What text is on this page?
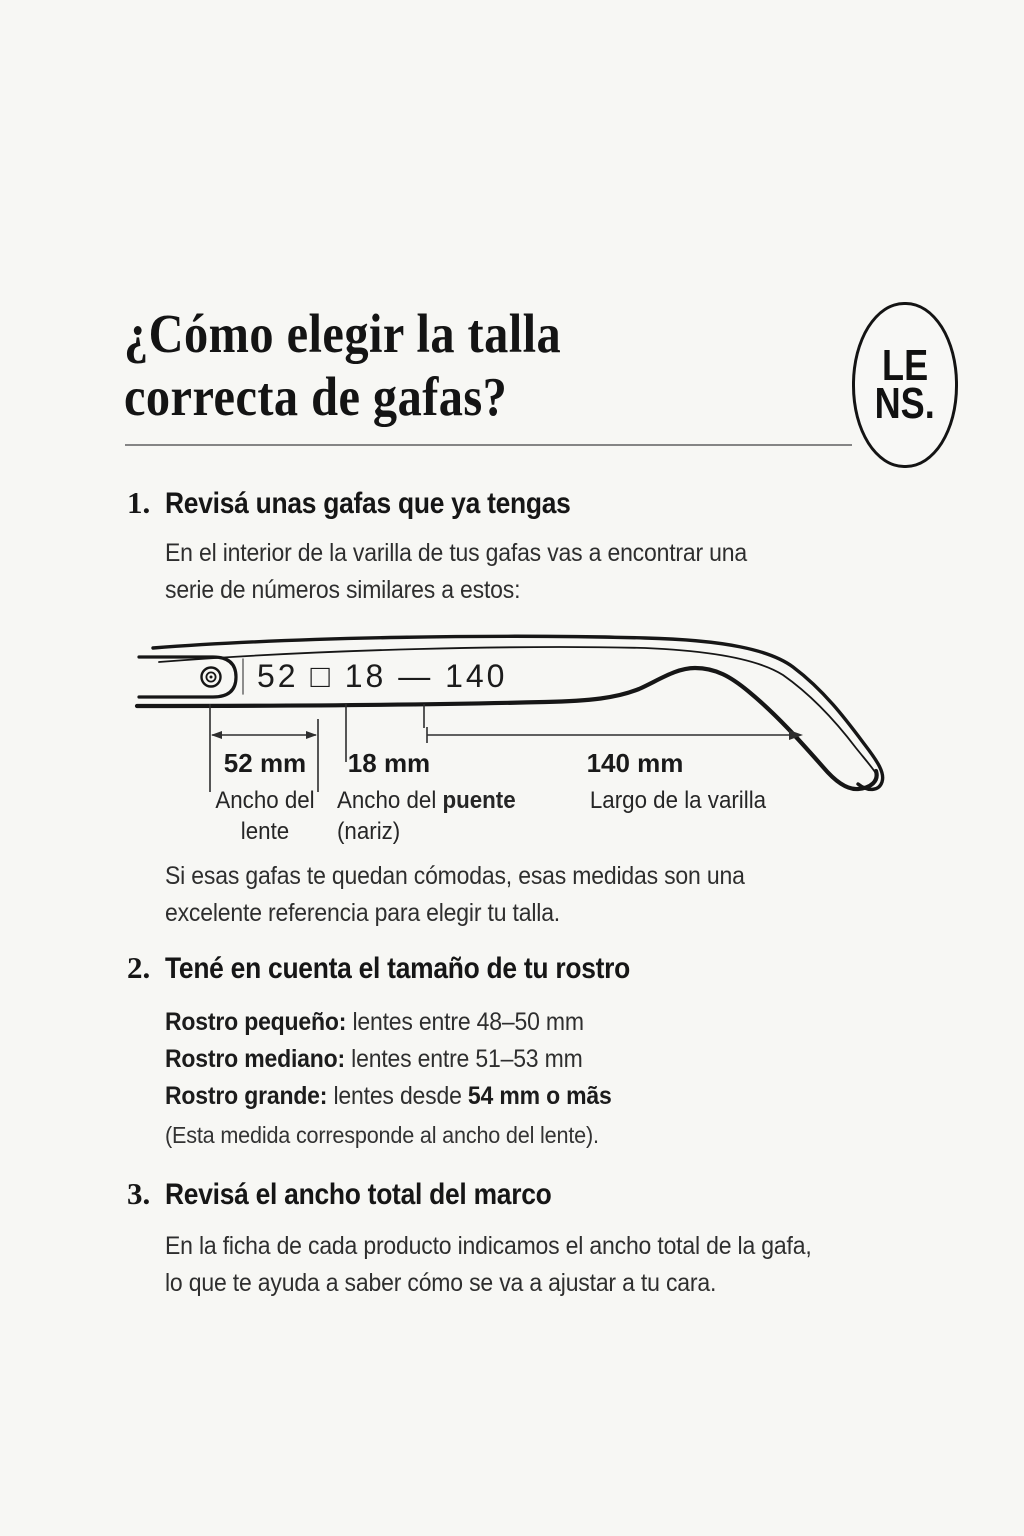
¿Cómo elegir la talla
correcta de gafas?
LE
NS.
1. Revisá unas gafas que ya tengas
En el interior de la varilla de tus gafas vas a encontrar una
serie de números similares a estos:
52 □ 18 — 140
52 mm 18 mm	140 mm
Ancho del
lente
Ancho del puente
(nariz)
Largo de la varilla
Si esas gafas te quedan cómodas, esas medidas son una
excelente referencia para elegir tu talla.
2. Tené en cuenta el tamaño de tu rostro
Rostro pequeño: lentes entre 48–50 mm
Rostro mediano: lentes entre 51–53 mm
Rostro grande: lentes desde 54 mm o mãs
(Esta medida corresponde al ancho del lente).
3. Revisá el ancho total del marco
En la ficha de cada producto indicamos el ancho total de la gafa,
lo que te ayuda a saber cómo se va a ajustar a tu cara.
